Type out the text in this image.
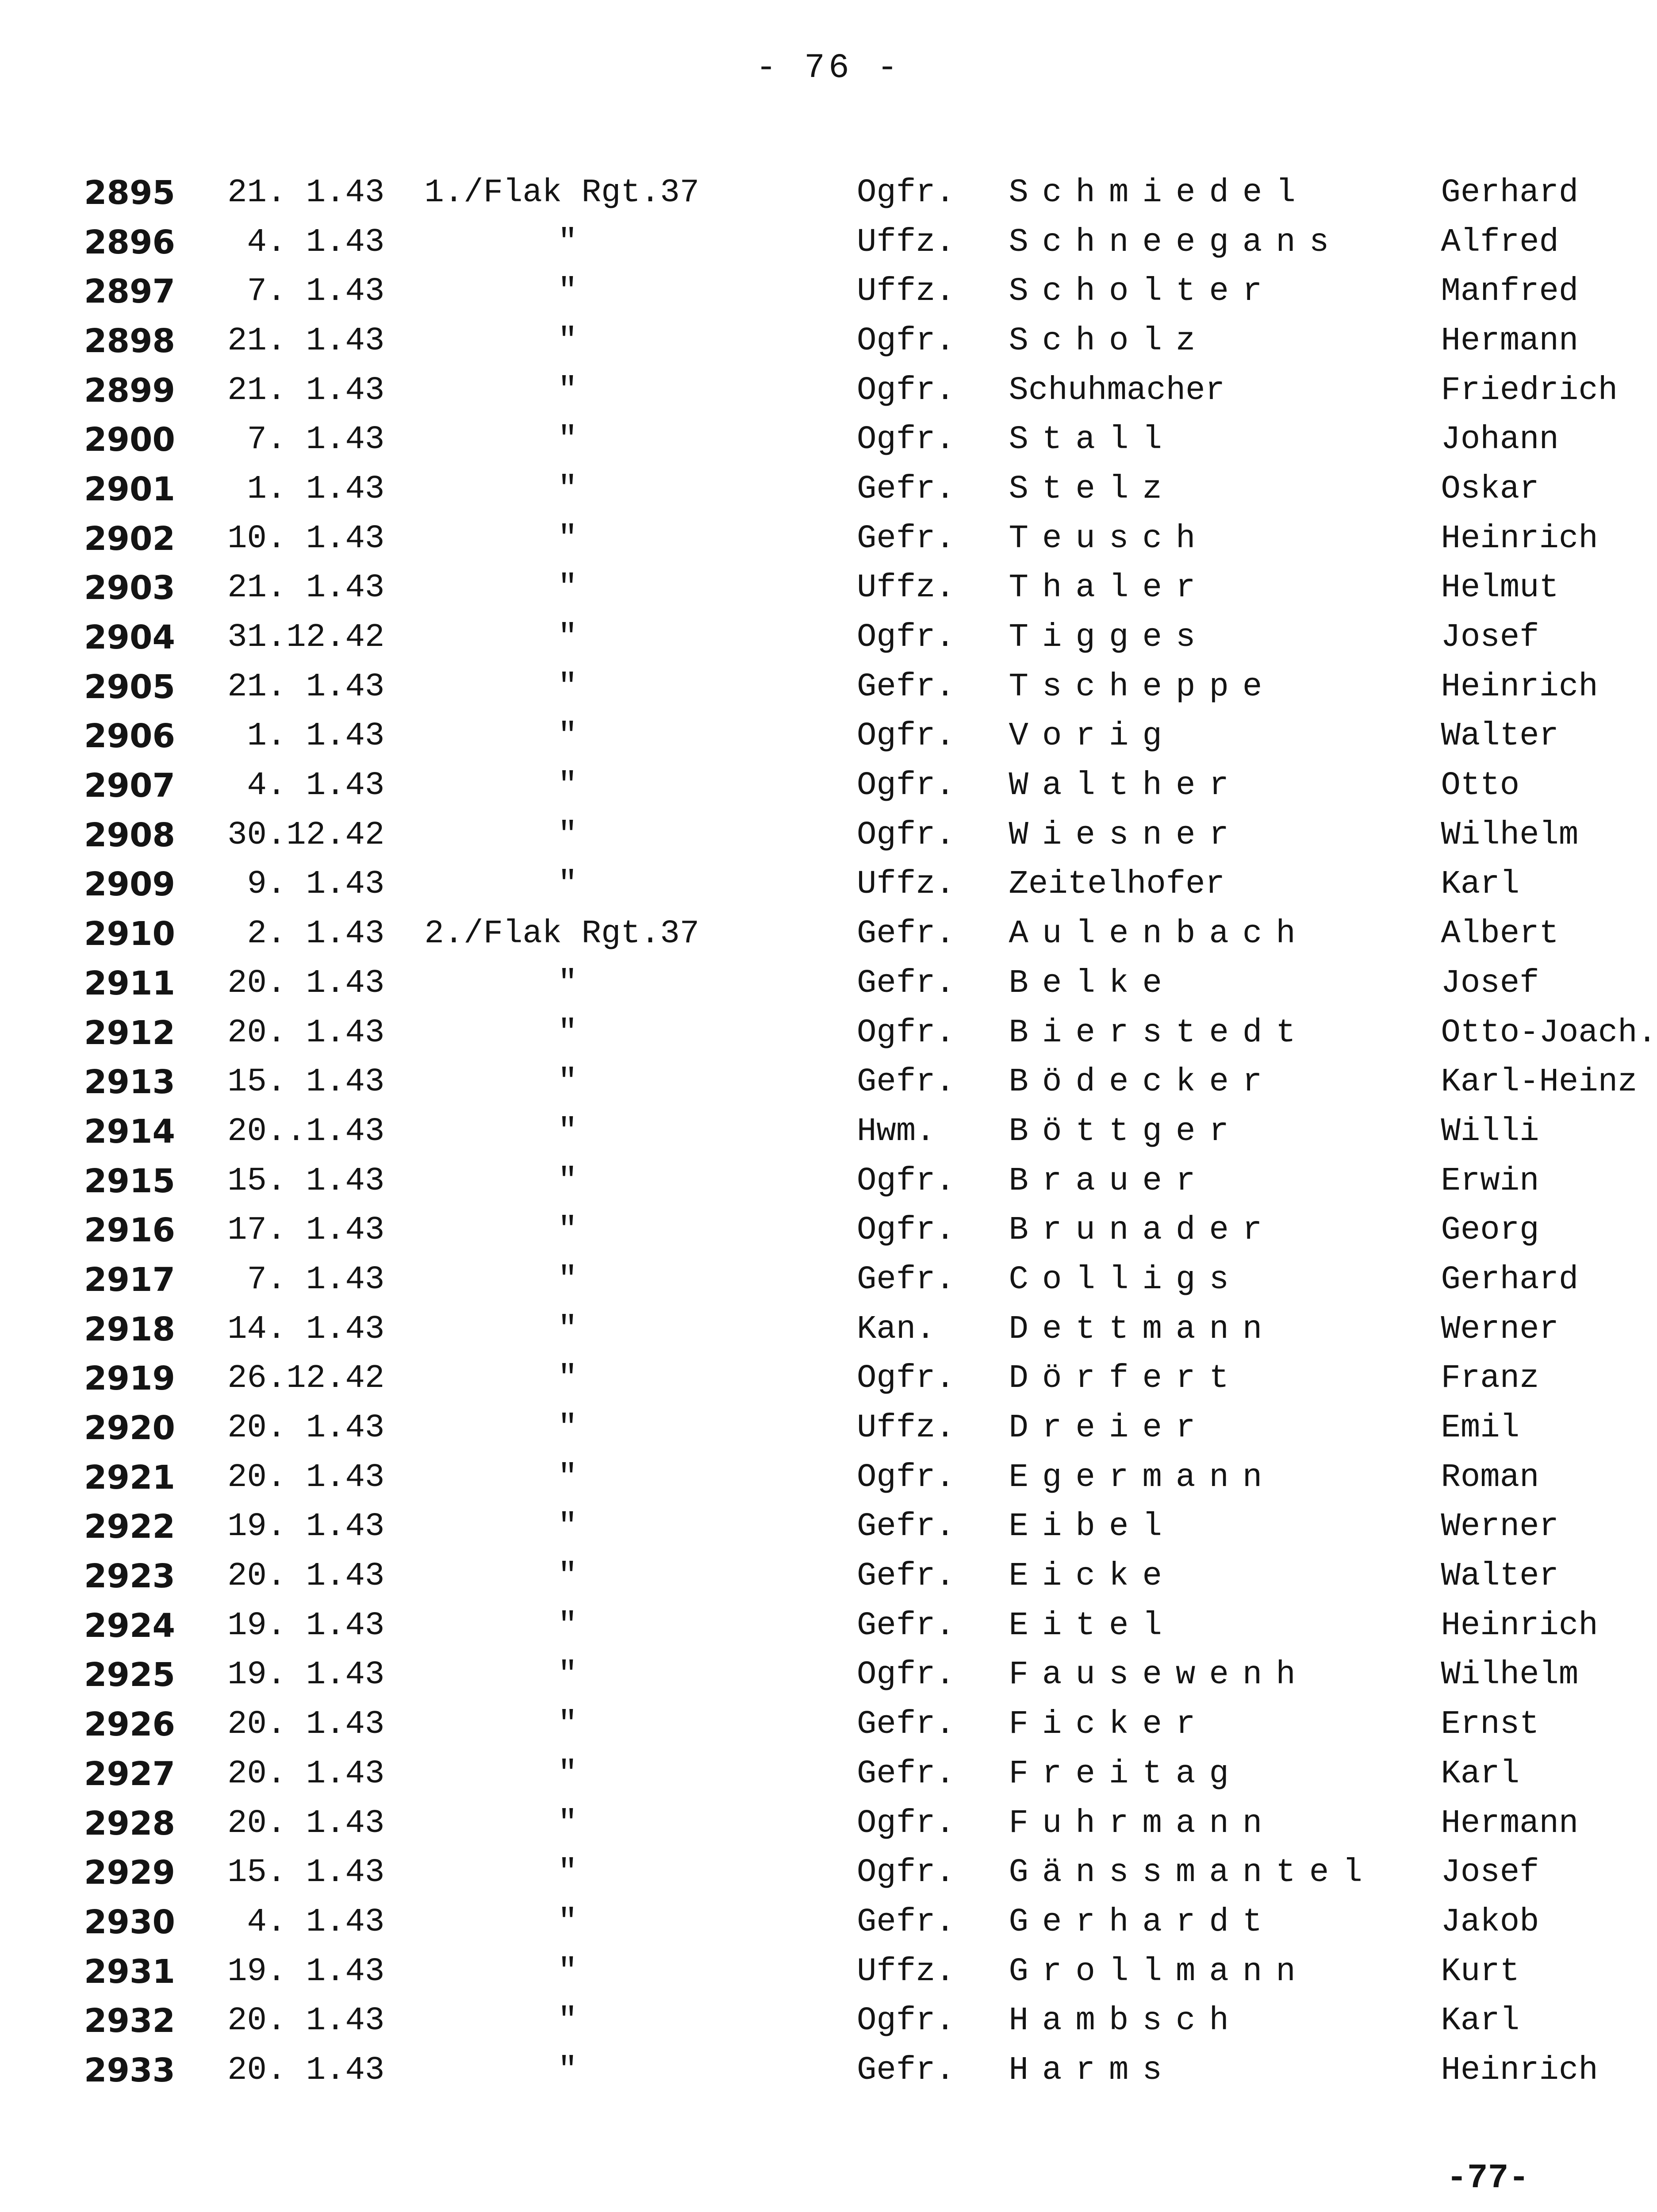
- 76 -
2895	21. 1.43	1./Flak Rgt.37	Ogfr.	Schmiedel	Gerhard
2896	4. 1.43	"	Uffz.	Schneegans	Alfred
2897	7. 1.43	"	Uffz.	Scholter	Manfred
2898	21. 1.43	"	Ogfr.	Scholz	Hermann
2899	21. 1.43	"	Ogfr.	Schuhmacher	Friedrich
2900	7. 1.43	"	Ogfr.	Stall	Johann
2901	1. 1.43	"	Gefr.	Stelz	Oskar
2902	10. 1.43	"	Gefr.	Teusch	Heinrich
2903	21. 1.43	"	Uffz.	Thaler	Helmut
2904	31.12.42	"	Ogfr.	Tigges	Josef
2905	21. 1.43	"	Gefr.	Tscheppe	Heinrich
2906	1. 1.43	"	Ogfr.	Vorig	Walter
2907	4. 1.43	"	Ogfr.	Walther	Otto
2908	30.12.42	"	Ogfr.	Wiesner	Wilhelm
2909	9. 1.43	"	Uffz.	Zeitelhofer	Karl
2910	2. 1.43	2./Flak Rgt.37	Gefr.	Aulenbach	Albert
2911	20. 1.43	"	Gefr.	Belke	Josef
2912	20. 1.43	"	Ogfr.	Bierstedt	Otto-Joach.
2913	15. 1.43	"	Gefr.	Bödecker	Karl-Heinz
2914	20..1.43	"	Hwm.	Böttger	Willi
2915	15. 1.43	"	Ogfr.	Brauer	Erwin
2916	17. 1.43	"	Ogfr.	Brunader	Georg
2917	7. 1.43	"	Gefr.	Colligs	Gerhard
2918	14. 1.43	"	Kan.	Dettmann	Werner
2919	26.12.42	"	Ogfr.	Dörfert	Franz
2920	20. 1.43	"	Uffz.	Dreier	Emil
2921	20. 1.43	"	Ogfr.	Egermann	Roman
2922	19. 1.43	"	Gefr.	Eibel	Werner
2923	20. 1.43	"	Gefr.	Eicke	Walter
2924	19. 1.43	"	Gefr.	Eitel	Heinrich
2925	19. 1.43	"	Ogfr.	Fausewenh	Wilhelm
2926	20. 1.43	"	Gefr.	Ficker	Ernst
2927	20. 1.43	"	Gefr.	Freitag	Karl
2928	20. 1.43	"	Ogfr.	Fuhrmann	Hermann
2929	15. 1.43	"	Ogfr.	Gänssmantel	Josef
2930	4. 1.43	"	Gefr.	Gerhardt	Jakob
2931	19. 1.43	"	Uffz.	Grollmann	Kurt
2932	20. 1.43	"	Ogfr.	Hambsch	Karl
2933	20. 1.43	"	Gefr.	Harms	Heinrich
-77-
